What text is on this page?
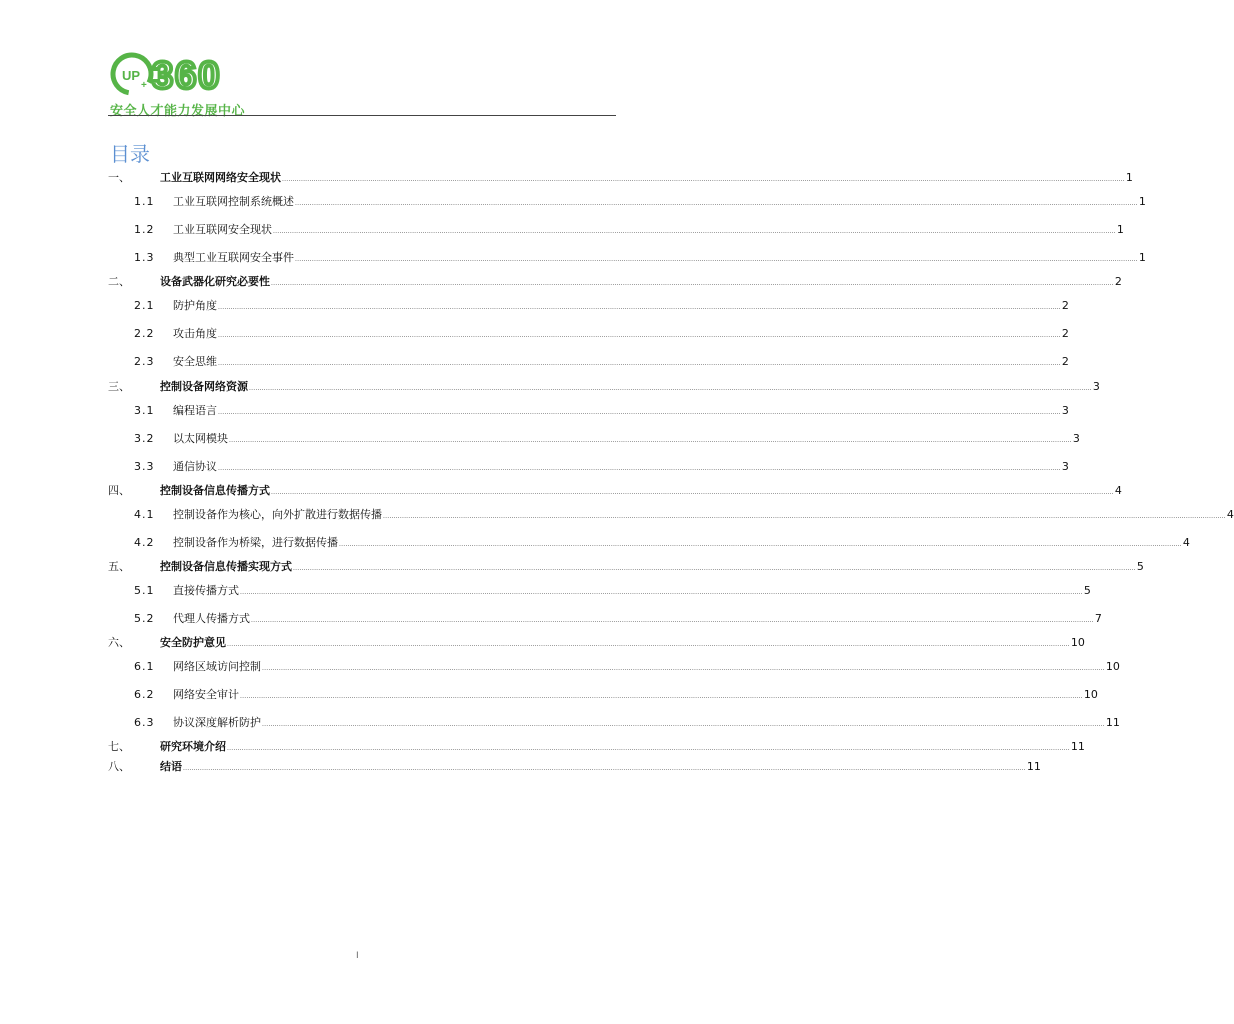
UP
+ 360
安全人才能力发展中心
目录
一、	工业互联网网络安全现状 ................................................................................................................................................................................................................................................................................................................................................................................................................ 1
1.1	工业互联网控制系统概述 ................................................................................................................................................................................................................................................................................................................................................................................................................ 1
1.2	工业互联网安全现状 ................................................................................................................................................................................................................................................................................................................................................................................................................ 1
1.3	典型工业互联网安全事件 ................................................................................................................................................................................................................................................................................................................................................................................................................ 1
二、	设备武器化研究必要性 ................................................................................................................................................................................................................................................................................................................................................................................................................ 2
2.1	防护角度 ................................................................................................................................................................................................................................................................................................................................................................................................................ 2
2.2	攻击角度 ................................................................................................................................................................................................................................................................................................................................................................................................................ 2
2.3	安全思维 ................................................................................................................................................................................................................................................................................................................................................................................................................ 2
三、	控制设备网络资源 ................................................................................................................................................................................................................................................................................................................................................................................................................ 3
3.1	编程语言 ................................................................................................................................................................................................................................................................................................................................................................................................................ 3
3.2	以太网模块 ................................................................................................................................................................................................................................................................................................................................................................................................................ 3
3.3	通信协议 ................................................................................................................................................................................................................................................................................................................................................................................................................ 3
四、	控制设备信息传播方式 ................................................................................................................................................................................................................................................................................................................................................................................................................ 4
4.1	控制设备作为核心，向外扩散进行数据传播 ................................................................................................................................................................................................................................................................................................................................................................................................................ 4
4.2	控制设备作为桥梁，进行数据传播 ................................................................................................................................................................................................................................................................................................................................................................................................................ 4
五、	控制设备信息传播实现方式 ................................................................................................................................................................................................................................................................................................................................................................................................................ 5
5.1	直接传播方式 ................................................................................................................................................................................................................................................................................................................................................................................................................ 5
5.2	代理人传播方式 ................................................................................................................................................................................................................................................................................................................................................................................................................ 7
六、	安全防护意见 ................................................................................................................................................................................................................................................................................................................................................................................................................ 10
6.1	网络区域访问控制 ................................................................................................................................................................................................................................................................................................................................................................................................................ 10
6.2	网络安全审计 ................................................................................................................................................................................................................................................................................................................................................................................................................ 10
6.3	协议深度解析防护 ................................................................................................................................................................................................................................................................................................................................................................................................................ 11
七、	研究环境介绍 ................................................................................................................................................................................................................................................................................................................................................................................................................ 11
八、	结语 ................................................................................................................................................................................................................................................................................................................................................................................................................ 11
I
